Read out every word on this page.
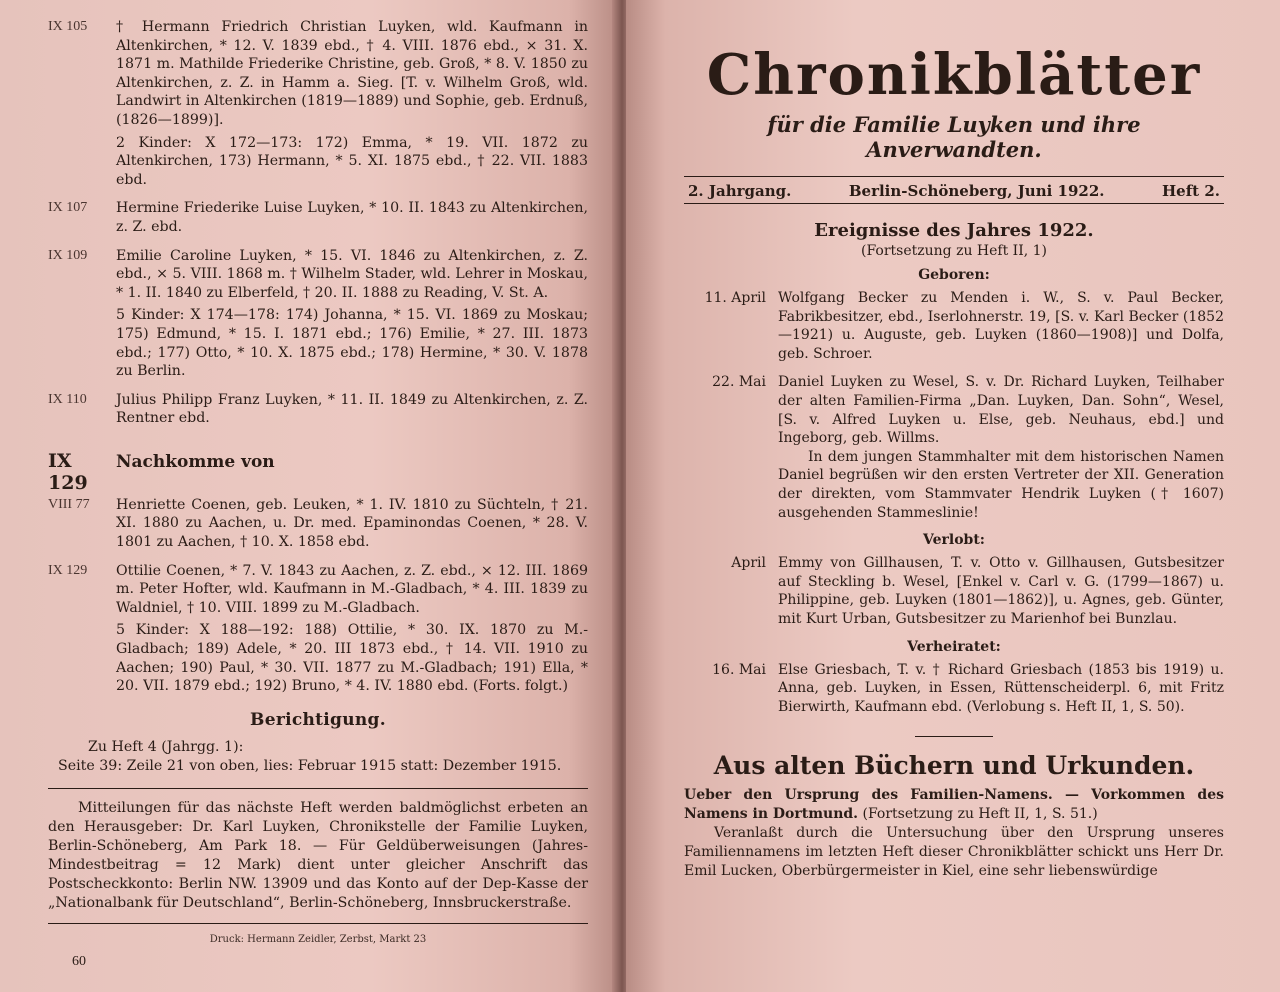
IX 105	† Hermann Friedrich Christian Luyken, wld. Kaufmann in Altenkirchen, * 12. V. 1839 ebd., † 4. VIII. 1876 ebd., ⨯ 31. X. 1871 m. Mathilde Friederike Christine, geb. Groß, * 8. V. 1850 zu Altenkirchen, z. Z. in Hamm a. Sieg. [T. v. Wilhelm Groß, wld. Landwirt in Altenkirchen (1819—1889) und Sophie, geb. Erdnuß, (1826—1899)].

2 Kinder: X 172—173: 172) Emma, * 19. VII. 1872 zu Altenkirchen, 173) Hermann, * 5. XI. 1875 ebd., † 22. VII. 1883 ebd.

IX 107	Hermine Friederike Luise Luyken, * 10. II. 1843 zu Altenkirchen, z. Z. ebd.

IX 109	Emilie Caroline Luyken, * 15. VI. 1846 zu Altenkirchen, z. Z. ebd., ⨯ 5. VIII. 1868 m. † Wilhelm Stader, wld. Lehrer in Moskau, * 1. II. 1840 zu Elberfeld, † 20. II. 1888 zu Reading, V. St. A.

5 Kinder: X 174—178: 174) Johanna, * 15. VI. 1869 zu Moskau; 175) Edmund, * 15. I. 1871 ebd.; 176) Emilie, * 27. III. 1873 ebd.; 177) Otto, * 10. X. 1875 ebd.; 178) Hermine, * 30. V. 1878 zu Berlin.

IX 110	Julius Philipp Franz Luyken, * 11. II. 1849 zu Altenkirchen, z. Z. Rentner ebd.

IX 129
Nachkomme von
VIII 77	Henriette Coenen, geb. Leuken, * 1. IV. 1810 zu Süchteln, † 21. XI. 1880 zu Aachen, u. Dr. med. Epaminondas Coenen, * 28. V. 1801 zu Aachen, † 10. X. 1858 ebd.

IX 129	Ottilie Coenen, * 7. V. 1843 zu Aachen, z. Z. ebd., ⨯ 12. III. 1869 m. Peter Hofter, wld. Kaufmann in M.-Gladbach, * 4. III. 1839 zu Waldniel, † 10. VIII. 1899 zu M.-Gladbach.

5 Kinder: X 188—192: 188) Ottilie, * 30. IX. 1870 zu M.-Gladbach; 189) Adele, * 20. III 1873 ebd., † 14. VII. 1910 zu Aachen; 190) Paul, * 30. VII. 1877 zu M.-Gladbach; 191) Ella, * 20. VII. 1879 ebd.; 192) Bruno, * 4. IV. 1880 ebd. (Forts. folgt.)

Berichtigung.

Zu Heft 4 (Jahrgg. 1):

Seite 39: Zeile 21 von oben, lies: Februar 1915 statt: Dezember 1915.

Mitteilungen für das nächste Heft werden baldmöglichst erbeten an den Herausgeber: Dr. Karl Luyken, Chronikstelle der Familie Luyken, Berlin-Schöneberg, Am Park 18. — Für Geldüberweisungen (Jahres-Mindestbeitrag = 12 Mark) dient unter gleicher Anschrift das Postscheckkonto: Berlin NW. 13909 und das Konto auf der Dep-Kasse der „Nationalbank für Deutschland“, Berlin-Schöneberg, Innsbruckerstraße.

Druck: Hermann Zeidler, Zerbst, Markt 23
60
Chronikblätter
für die Familie Luyken und ihre Anverwandten.
2. Jahrgang.	Berlin-Schöneberg, Juni 1922.	Heft 2.
Ereignisse des Jahres 1922.
(Fortsetzung zu Heft II, 1)
Geboren:
11. April Wolfgang Becker zu Menden i. W., S. v. Paul Becker, Fabrikbesitzer, ebd., Iserlohnerstr. 19, [S. v. Karl Becker (1852—1921) u. Auguste, geb. Luyken (1860—1908)] und Dolfa, geb. Schroer.

22. Mai Daniel Luyken zu Wesel, S. v. Dr. Richard Luyken, Teilhaber der alten Familien-Firma „Dan. Luyken, Dan. Sohn“, Wesel, [S. v. Alfred Luyken u. Else, geb. Neuhaus, ebd.] und Ingeborg, geb. Willms.

In dem jungen Stammhalter mit dem historischen Namen Daniel begrüßen wir den ersten Vertreter der XII. Generation der direkten, vom Stammvater Hendrik Luyken († 1607) ausgehenden Stammeslinie!

Verlobt:
April Emmy von Gillhausen, T. v. Otto v. Gillhausen, Gutsbesitzer auf Steckling b. Wesel, [Enkel v. Carl v. G. (1799—1867) u. Philippine, geb. Luyken (1801—1862)], u. Agnes, geb. Günter, mit Kurt Urban, Gutsbesitzer zu Marienhof bei Bunzlau.

Verheiratet:
16. Mai Else Griesbach, T. v. † Richard Griesbach (1853 bis 1919) u. Anna, geb. Luyken, in Essen, Rüttenscheiderpl. 6, mit Fritz Bierwirth, Kaufmann ebd. (Verlobung s. Heft II, 1, S. 50).

Aus alten Büchern und Urkunden.

Ueber den Ursprung des Familien-Namens. — Vorkommen des Namens in Dortmund. (Fortsetzung zu Heft II, 1, S. 51.)

Veranlaßt durch die Untersuchung über den Ursprung unseres Familiennamens im letzten Heft dieser Chronikblätter schickt uns Herr Dr. Emil Lucken, Oberbürgermeister in Kiel, eine sehr liebenswürdige
